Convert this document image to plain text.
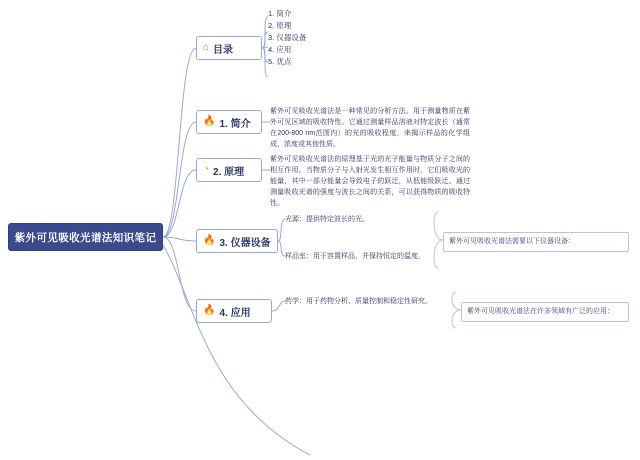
紫外可见吸收光谱法知识笔记
⌂ 目录
1. 简介
2. 原理
3. 仪器设备
4. 应用
5. 优点
🔥 1. 简介
紫外可见吸收光谱法是一种常见的分析方法。用于测量物质在紫外可见区域的吸收特性。它通过测量样品溶液对特定波长（通常在200-800 nm范围内）的光的吸收程度，来揭示样品的化学组成、浓度或其他性质。
◔ 2. 原理
紫外可见吸收光谱法的原理基于光的光子能量与物质分子之间的相互作用。当物质分子与入射光发生相互作用时，它们吸收光的能量，其中一部分能量会导致电子的跃迁，从低能级跃迁。通过测量吸收光谱的强度与波长之间的关系，可以获得物质的吸收特性。
🔥 3. 仪器设备
光源：提供特定波长的光。
样品室：用于容置样品，并保持恒定的温度。
紫外可见吸收光谱法需要以下仪器设备：
🔥 4. 应用
药学：用于药物分析、质量控制和稳定性研究。
紫外可见吸收光谱法在许多领域有广泛的应用：
